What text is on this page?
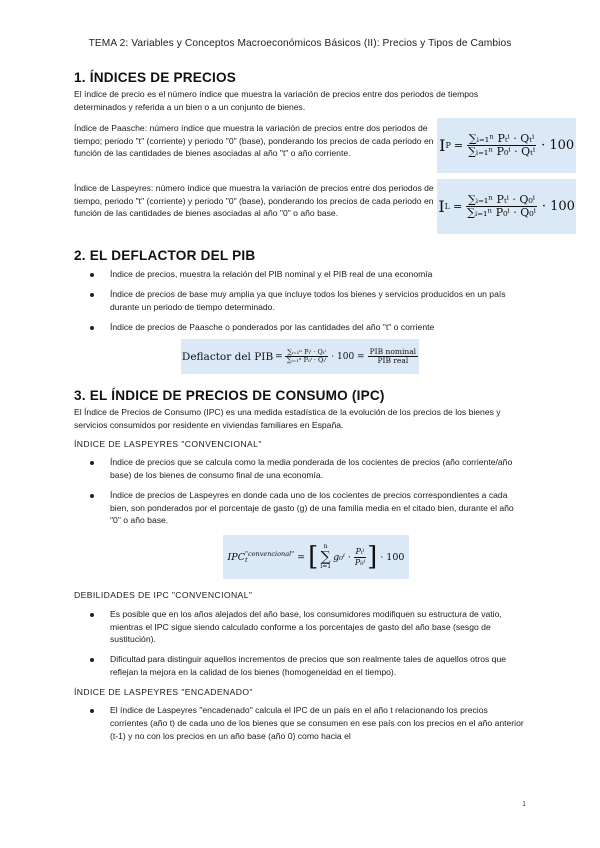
TEMA 2: Variables y Conceptos Macroeconómicos Básicos (II): Precios y Tipos de Cambios
1. ÍNDICES DE PRECIOS

El índice de precio es el número índice que muestra la variación de precios entre dos periodos de tiempos determinados y referida a un bien o a un conjunto de bienes.

Índice de Paasche: número índice que muestra la variación de precios entre dos periodos de tiempo; periodo "t" (corriente) y periodo "0" (base), ponderando los precios de cada periodo en función de las cantidades de bienes asociadas al año "t" o año corriente.	I $P = \frac{\text{∑ᵢ₌₁ⁿ Pₜⁱ · Qₜⁱ}}{\text{∑ᵢ₌₁ⁿ P₀ⁱ · Qₜⁱ}} \cdot 100$

Índice de Laspeyres: número índice que muestra la variación de precios entre dos periodos de tiempo, periodo "t" (corriente) y periodo "0" (base), ponderando los precios de cada periodo en función de las cantidades de bienes asociadas al año "0" o año base.	I $L = \frac{\text{∑ᵢ₌₁ⁿ Pₜⁱ · Q₀ⁱ}}{\text{∑ᵢ₌₁ⁿ P₀ⁱ · Q₀ⁱ}} \cdot 100$
2. EL DEFLACTOR DEL PIB
Índice de precios, muestra la relación del PIB nominal y el PIB real de una economía
Índice de precios de base muy amplia ya que incluye todos los bienes y servicios producidos en un país durante un periodo de tiempo determinado.
Índice de precios de Paasche o ponderados por las cantidades del año "t" o corriente
Deflactor del PIB = $\frac{\text{∑ᵢ₌₁ⁿ Pₜⁱ · Qₜⁱ}}{\text{∑ᵢ₌₁ⁿ P₀ⁱ · Qₜⁱ}} \cdot 100 = \frac{\text{PIB nominal}}{\text{PIB real}}$
3. EL ÍNDICE DE PRECIOS DE CONSUMO (IPC)

El Índice de Precios de Consumo (IPC) es una medida estadística de la evolución de los precios de los bienes y servicios consumidos por residente en viviendas familiares en España.

ÍNDICE DE LASPEYRES "CONVENCIONAL"

Índice de precios que se calcula como la media ponderada de los cocientes de precios (año corriente/año base) de los bienes de consumo final de una economía.
Índice de precios de Laspeyres en donde cada uno de los cocientes de precios correspondientes a cada bien, son ponderados por el porcentaje de gasto (g) de una familia media en el citado bien, durante el año "0" o año base.
IPC "convencional"
t	= [ n
∑
i=1
$g_0^i \cdot \frac{\text{Pₜⁱ}}{\text{P₀ⁱ}}$ ] · 100

DEBILIDADES DE IPC "CONVENCIONAL"

Es posible que en los años alejados del año base, los consumidores modifiquen su estructura de vatio, mientras el IPC sigue siendo calculado conforme a los porcentajes de gasto del año base (sesgo de sustitución).
Dificultad para distinguir aquellos incrementos de precios que son realmente tales de aquellos otros que reflejan la mejora en la calidad de los bienes (homogeneidad en el tiempo).

ÍNDICE DE LASPEYRES "ENCADENADO"

El índice de Laspeyres "encadenado" calcula el IPC de un país en el año t relacionando los precios corrientes (año t) de cada uno de los bienes que se consumen en ese país con los precios en el año anterior (t-1) y no con los precios en un año base (año 0) como hacia el
1
